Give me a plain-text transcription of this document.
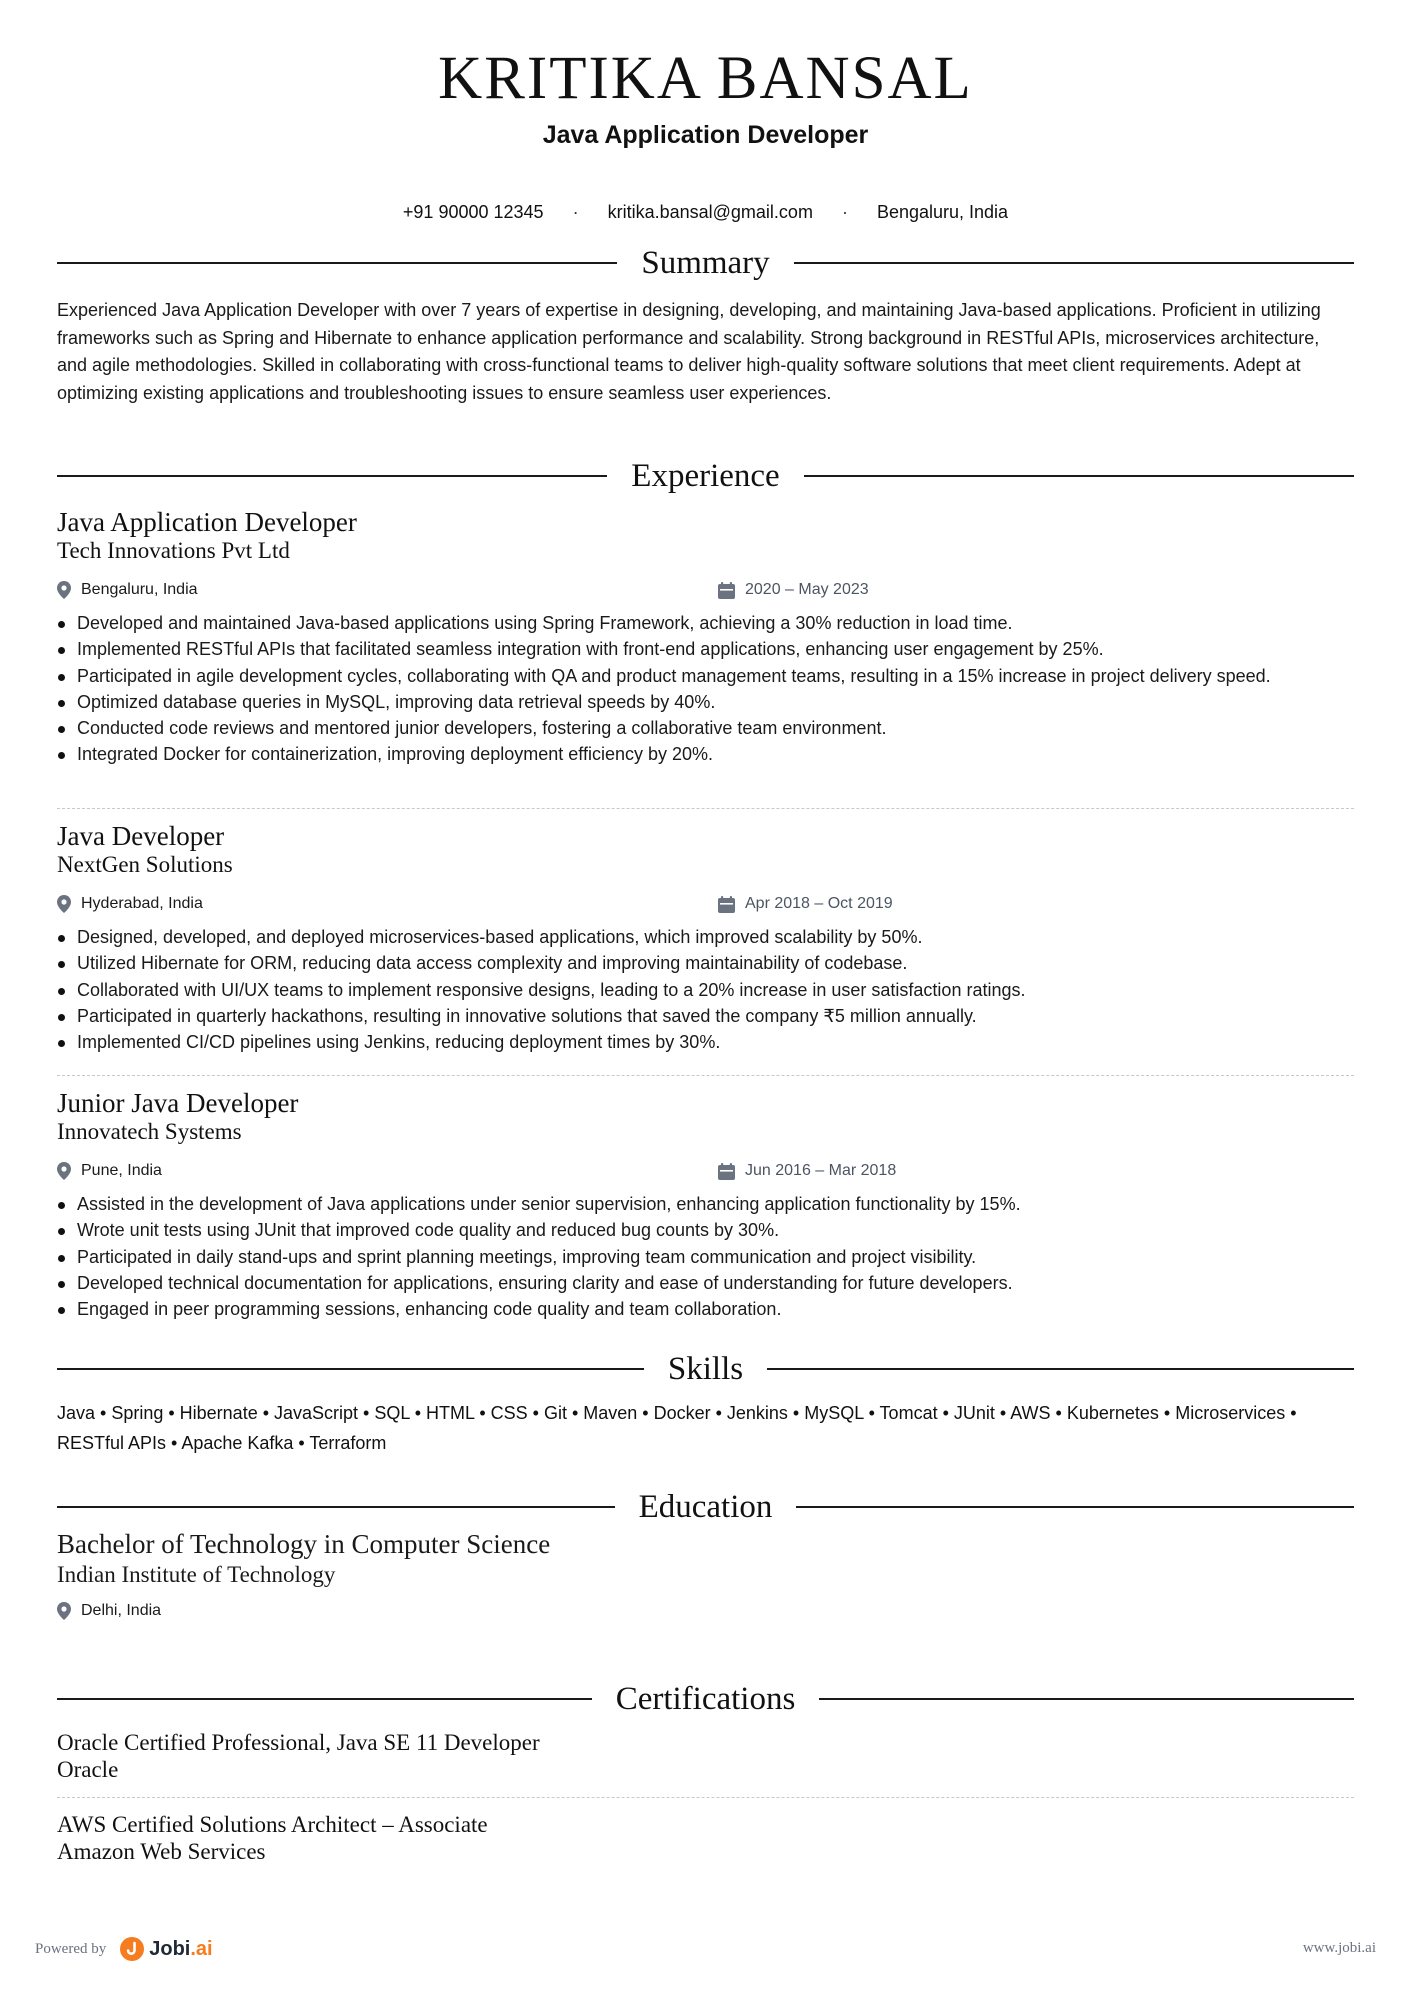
KRITIKA BANSAL
Java Application Developer
+91 90000 12345 · kritika.bansal@gmail.com · Bengaluru, India
Summary
Experienced Java Application Developer with over 7 years of expertise in designing, developing, and maintaining Java-based applications. Proficient in utilizing frameworks such as Spring and Hibernate to enhance application performance and scalability. Strong background in RESTful APIs, microservices architecture, and agile methodologies. Skilled in collaborating with cross-functional teams to deliver high-quality software solutions that meet client requirements. Adept at optimizing existing applications and troubleshooting issues to ensure seamless user experiences.
Experience
Java Application Developer
Tech Innovations Pvt Ltd
Bengaluru, India	2020 – May 2023
Developed and maintained Java-based applications using Spring Framework, achieving a 30% reduction in load time.
Implemented RESTful APIs that facilitated seamless integration with front-end applications, enhancing user engagement by 25%.
Participated in agile development cycles, collaborating with QA and product management teams, resulting in a 15% increase in project delivery speed.
Optimized database queries in MySQL, improving data retrieval speeds by 40%.
Conducted code reviews and mentored junior developers, fostering a collaborative team environment.
Integrated Docker for containerization, improving deployment efficiency by 20%.
Java Developer
NextGen Solutions
Hyderabad, India	Apr 2018 – Oct 2019
Designed, developed, and deployed microservices-based applications, which improved scalability by 50%.
Utilized Hibernate for ORM, reducing data access complexity and improving maintainability of codebase.
Collaborated with UI/UX teams to implement responsive designs, leading to a 20% increase in user satisfaction ratings.
Participated in quarterly hackathons, resulting in innovative solutions that saved the company ₹5 million annually.
Implemented CI/CD pipelines using Jenkins, reducing deployment times by 30%.
Junior Java Developer
Innovatech Systems
Pune, India	Jun 2016 – Mar 2018
Assisted in the development of Java applications under senior supervision, enhancing application functionality by 15%.
Wrote unit tests using JUnit that improved code quality and reduced bug counts by 30%.
Participated in daily stand-ups and sprint planning meetings, improving team communication and project visibility.
Developed technical documentation for applications, ensuring clarity and ease of understanding for future developers.
Engaged in peer programming sessions, enhancing code quality and team collaboration.
Skills
Java • Spring • Hibernate • JavaScript • SQL • HTML • CSS • Git • Maven • Docker • Jenkins • MySQL • Tomcat • JUnit • AWS • Kubernetes • Microservices • RESTful APIs • Apache Kafka • Terraform
Education
Bachelor of Technology in Computer Science
Indian Institute of Technology
Delhi, India
Certifications
Oracle Certified Professional, Java SE 11 Developer
Oracle
AWS Certified Solutions Architect – Associate
Amazon Web Services
Powered by Jobi.ai	www.jobi.ai
